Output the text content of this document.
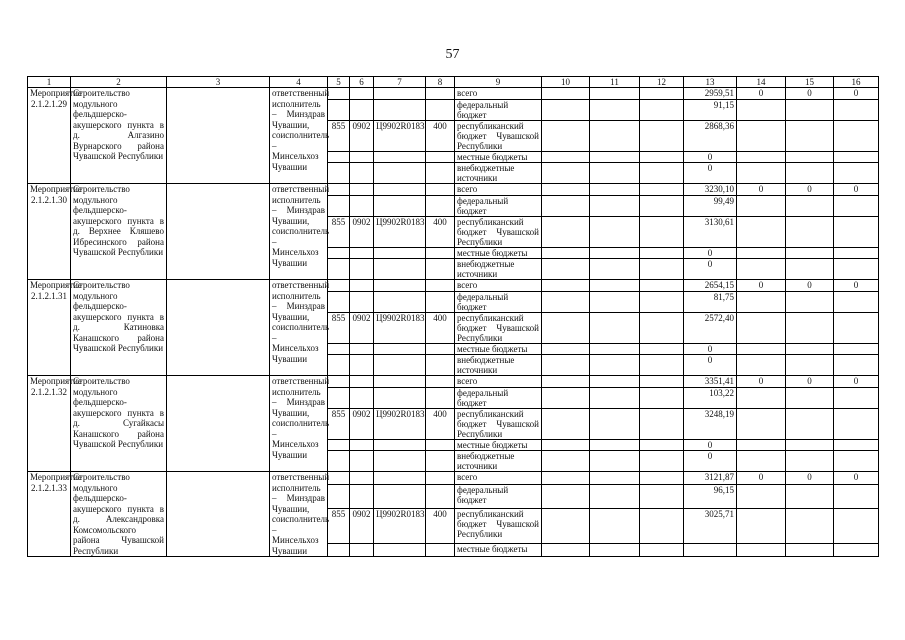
57
1	2	3	4	5	6	7	8	9	10	11	12	13	14	15	16
Мероприятие 2.1.2.1.29	Строительство модульного фельдшерско-акушерского пункта в д. Алгазино Вурнарского района Чувашской Республики		ответственный исполнитель – Минздрав Чувашии, соисполнитель – Минсельхоз Чувашии					всего				2959,51	0	0	0
								федеральный бюджет				91,15			
				855	0902	Ц9902R0183	400	республиканский бюджет Чувашской Республики				2868,36			
								местные бюджеты				0			
								внебюджетные источники				0			
Мероприятие 2.1.2.1.30	Строительство модульного фельдшерско-акушерского пункта в д. Верхнее Кляшево Ибресинского района Чувашской Республики		ответственный исполнитель – Минздрав Чувашии, соисполнитель – Минсельхоз Чувашии					всего				3230,10	0	0	0
								федеральный бюджет				99,49			
				855	0902	Ц9902R0183	400	республиканский бюджет Чувашской Республики				3130,61			
								местные бюджеты				0			
								внебюджетные источники				0			
Мероприятие 2.1.2.1.31	Строительство модульного фельдшерско-акушерского пункта в д. Катиновка Канашского района Чувашской Республики		ответственный исполнитель – Минздрав Чувашии, соисполнитель – Минсельхоз Чувашии					всего				2654,15	0	0	0
								федеральный бюджет				81,75			
				855	0902	Ц9902R0183	400	республиканский бюджет Чувашской Республики				2572,40			
								местные бюджеты				0			
								внебюджетные источники				0			
Мероприятие 2.1.2.1.32	Строительство модульного фельдшерско-акушерского пункта в д. Сугайкасы Канашского района Чувашской Республики		ответственный исполнитель – Минздрав Чувашии, соисполнитель – Минсельхоз Чувашии					всего				3351,41	0	0	0
								федеральный бюджет				103,22			
				855	0902	Ц9902R0183	400	республиканский бюджет Чувашской Республики				3248,19			
								местные бюджеты				0			
								внебюджетные источники				0			
Мероприятие 2.1.2.1.33	Строительство модульного фельдшерско-акушерского пункта в д. Александровка Комсомольского района Чувашской Республики		ответственный исполнитель – Минздрав Чувашии, соисполнитель – Минсельхоз Чувашии					всего				3121,87	0	0	0
								федеральный бюджет				96,15			
				855	0902	Ц9902R0183	400	республиканский бюджет Чувашской Республики				3025,71			
								местные бюджеты							
